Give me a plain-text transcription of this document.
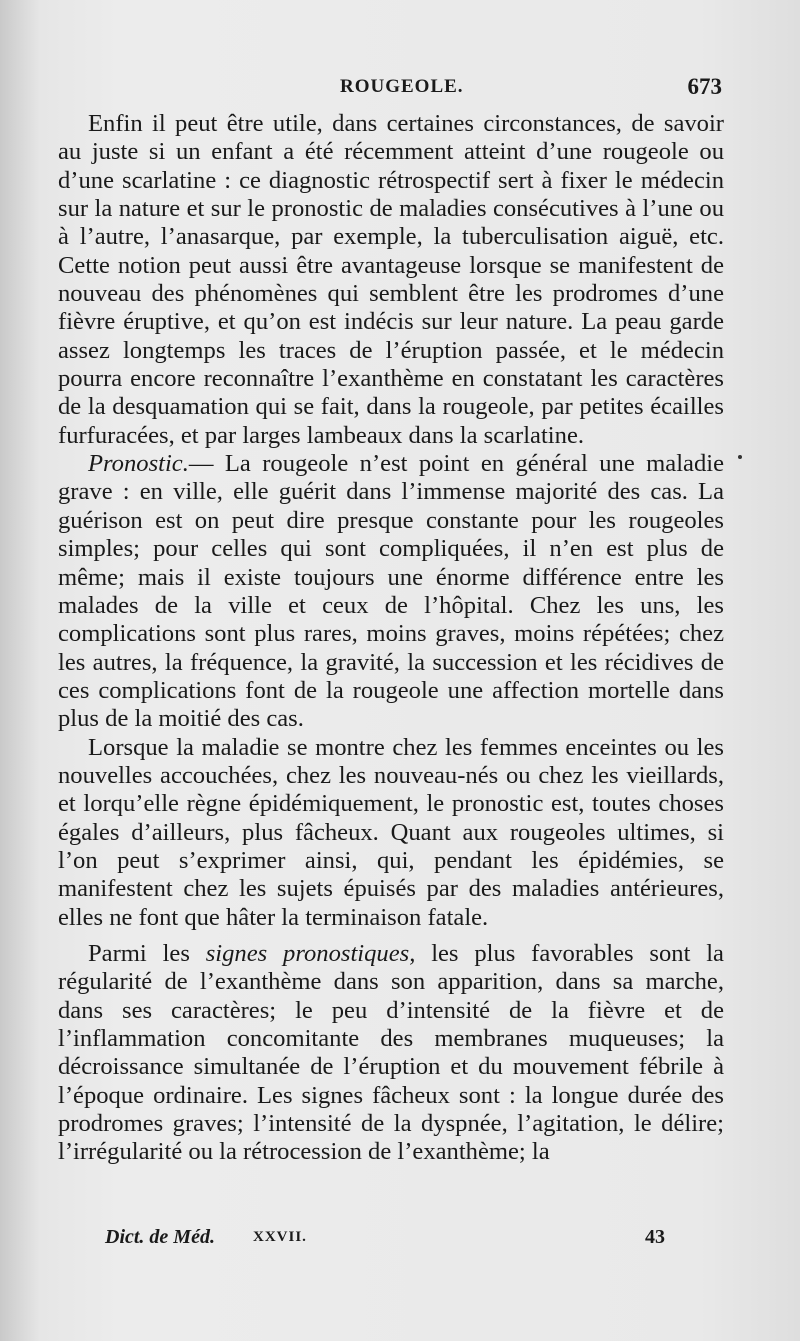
ROUGEOLE.	673

Enfin il peut être utile, dans certaines circonstances, de savoir au juste si un enfant a été récemment atteint d’une rougeole ou d’une scarlatine : ce diagnostic rétrospectif sert à fixer le médecin sur la nature et sur le pronostic de maladies consécutives à l’une ou à l’autre, l’anasarque, par exemple, la tuberculisation aiguë, etc. Cette notion peut aussi être avantageuse lorsque se manifestent de nouveau des phénomènes qui semblent être les prodromes d’une fièvre éruptive, et qu’on est indécis sur leur nature. La peau garde assez longtemps les traces de l’éruption passée, et le médecin pourra encore reconnaître l’exanthème en constatant les caractères de la desquamation qui se fait, dans la rougeole, par petites écailles furfuracées, et par larges lambeaux dans la scarlatine.

Pronostic.— La rougeole n’est point en général une maladie grave : en ville, elle guérit dans l’immense majorité des cas. La guérison est on peut dire presque constante pour les rougeoles simples; pour celles qui sont compliquées, il n’en est plus de même; mais il existe toujours une énorme différence entre les malades de la ville et ceux de l’hôpital. Chez les uns, les complications sont plus rares, moins graves, moins répétées; chez les autres, la fréquence, la gravité, la succession et les récidives de ces complications font de la rougeole une affection mortelle dans plus de la moitié des cas.

Lorsque la maladie se montre chez les femmes enceintes ou les nouvelles accouchées, chez les nouveau-nés ou chez les vieillards, et lorqu’elle règne épidémiquement, le pronostic est, toutes choses égales d’ailleurs, plus fâcheux. Quant aux rougeoles ultimes, si l’on peut s’exprimer ainsi, qui, pendant les épidémies, se manifestent chez les sujets épuisés par des maladies antérieures, elles ne font que hâter la terminaison fatale.

Parmi les signes pronostiques, les plus favorables sont la régularité de l’exanthème dans son apparition, dans sa marche, dans ses caractères; le peu d’intensité de la fièvre et de l’inflammation concomitante des membranes muqueuses; la décroissance simultanée de l’éruption et du mouvement fébrile à l’époque ordinaire. Les signes fâcheux sont : la longue durée des prodromes graves; l’intensité de la dyspnée, l’agitation, le délire; l’irrégularité ou la rétrocession de l’exanthème; la

Dict. de Méd.	XXVII.	43
